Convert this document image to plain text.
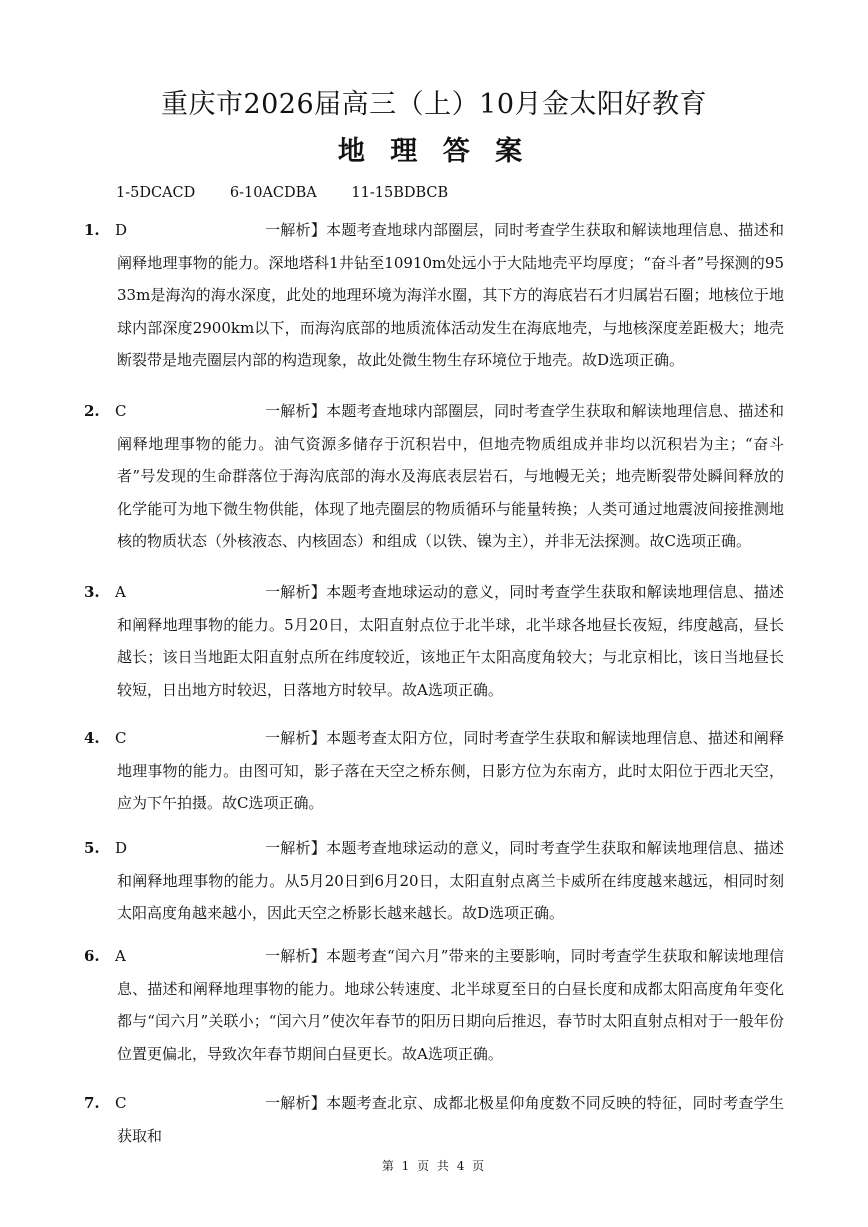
重庆市2026届高三（上）10月金太阳好教育
地 理 答 案
1-5DCACD 6-10ACDBA 11-15BDBCB
1. D	一解析】本题考查地球内部圈层，同时考查学生获取和解读地理信息、描述和阐释地理事物的能力。深地塔科1井钻至10910m处远小于大陆地壳平均厚度；“奋斗者”号探测的9533m是海沟的海水深度，此处的地理环境为海洋水圈，其下方的海底岩石才归属岩石圈；地核位于地球内部深度2900km以下，而海沟底部的地质流体活动发生在海底地壳，与地核深度差距极大；地壳断裂带是地壳圈层内部的构造现象，故此处微生物生存环境位于地壳。故D选项正确。
2. C	一解析】本题考查地球内部圈层，同时考查学生获取和解读地理信息、描述和阐释地理事物的能力。油气资源多储存于沉积岩中，但地壳物质组成并非均以沉积岩为主；“奋斗者”号发现的生命群落位于海沟底部的海水及海底表层岩石，与地幔无关；地壳断裂带处瞬间释放的化学能可为地下微生物供能，体现了地壳圈层的物质循环与能量转换；人类可通过地震波间接推测地核的物质状态（外核液态、内核固态）和组成（以铁、镍为主），并非无法探测。故C选项正确。
3. A	一解析】本题考查地球运动的意义，同时考查学生获取和解读地理信息、描述和阐释地理事物的能力。5月20日，太阳直射点位于北半球，北半球各地昼长夜短，纬度越高，昼长越长；该日当地距太阳直射点所在纬度较近，该地正午太阳高度角较大；与北京相比，该日当地昼长较短，日出地方时较迟，日落地方时较早。故A选项正确。
4. C	一解析】本题考查太阳方位，同时考查学生获取和解读地理信息、描述和阐释地理事物的能力。由图可知，影子落在天空之桥东侧，日影方位为东南方，此时太阳位于西北天空，应为下午拍摄。故C选项正确。
5. D	一解析】本题考查地球运动的意义，同时考查学生获取和解读地理信息、描述和阐释地理事物的能力。从5月20日到6月20日，太阳直射点离兰卡威所在纬度越来越远，相同时刻太阳高度角越来越小，因此天空之桥影长越来越长。故D选项正确。
6. A	一解析】本题考查“闰六月”带来的主要影响，同时考查学生获取和解读地理信息、描述和阐释地理事物的能力。地球公转速度、北半球夏至日的白昼长度和成都太阳高度角年变化都与“闰六月”关联小；“闰六月”使次年春节的阳历日期向后推迟，春节时太阳直射点相对于一般年份位置更偏北，导致次年春节期间白昼更长。故A选项正确。
7. C	一解析】本题考查北京、成都北极星仰角度数不同反映的特征，同时考查学生获取和
第 1 页 共 4 页
